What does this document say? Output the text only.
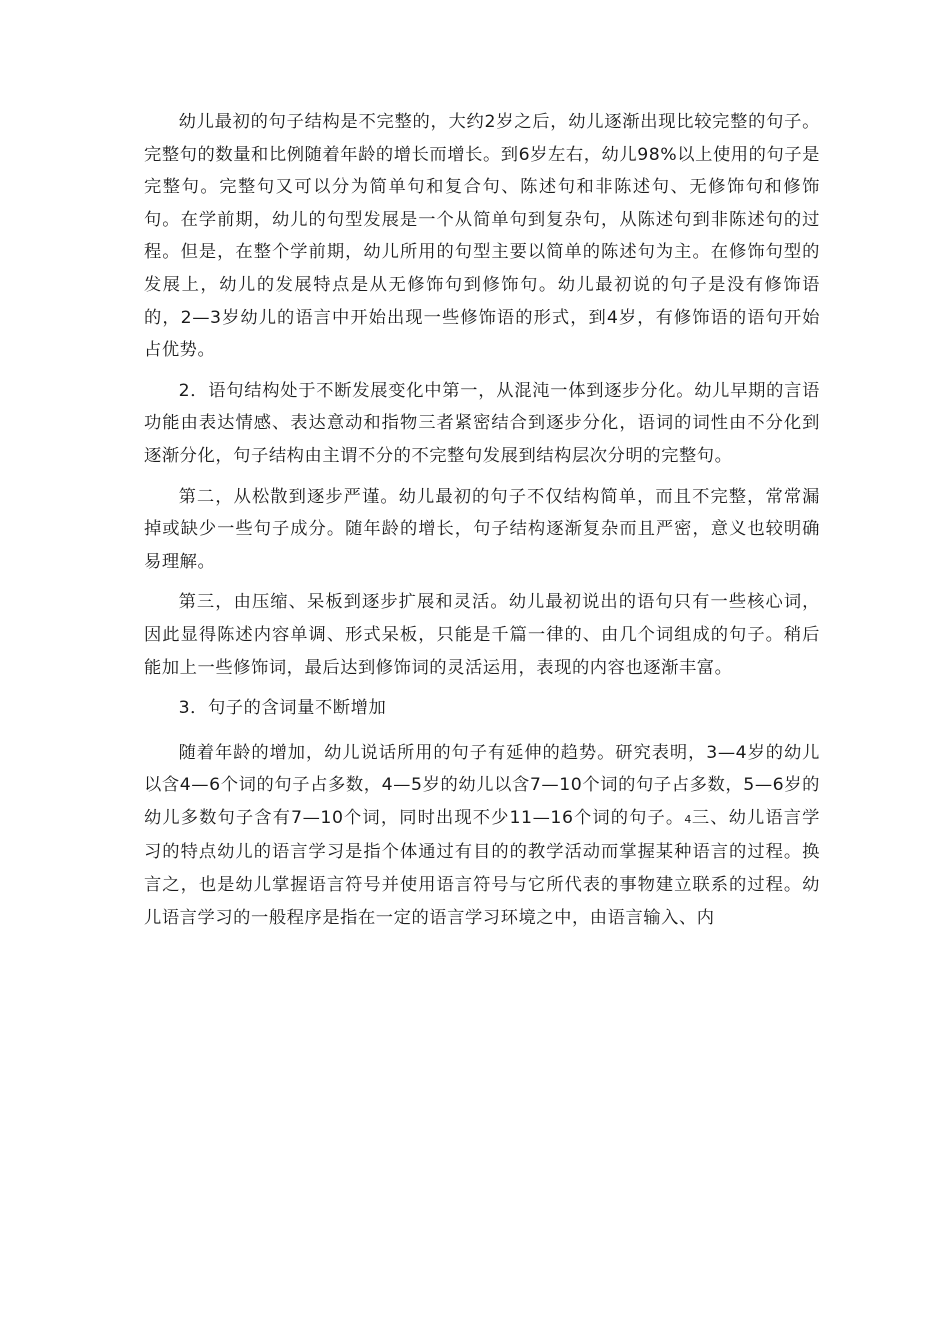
幼儿最初的句子结构是不完整的，大约2岁之后，幼儿逐渐出现比较完整的句子。完整句的数量和比例随着年龄的增长而增长。到6岁左右，幼儿98%以上使用的句子是完整句。完整句又可以分为简单句和复合句、陈述句和非陈述句、无修饰句和修饰句。在学前期，幼儿的句型发展是一个从简单句到复杂句，从陈述句到非陈述句的过程。但是，在整个学前期，幼儿所用的句型主要以简单的陈述句为主。在修饰句型的发展上，幼儿的发展特点是从无修饰句到修饰句。幼儿最初说的句子是没有修饰语的，2—3岁幼儿的语言中开始出现一些修饰语的形式，到4岁，有修饰语的语句开始占优势。

2．语句结构处于不断发展变化中第一，从混沌一体到逐步分化。幼儿早期的言语功能由表达情感、表达意动和指物三者紧密结合到逐步分化，语词的词性由不分化到逐渐分化，句子结构由主谓不分的不完整句发展到结构层次分明的完整句。

第二，从松散到逐步严谨。幼儿最初的句子不仅结构简单，而且不完整，常常漏掉或缺少一些句子成分。随年龄的增长，句子结构逐渐复杂而且严密，意义也较明确易理解。

第三，由压缩、呆板到逐步扩展和灵活。幼儿最初说出的语句只有一些核心词，因此显得陈述内容单调、形式呆板，只能是千篇一律的、由几个词组成的句子。稍后能加上一些修饰词，最后达到修饰词的灵活运用，表现的内容也逐渐丰富。

3．句子的含词量不断增加

随着年龄的增加，幼儿说话所用的句子有延伸的趋势。研究表明，3—4岁的幼儿以含4—6个词的句子占多数，4—5岁的幼儿以含7—10个词的句子占多数，5—6岁的幼儿多数句子含有7—10个词，同时出现不少11—16个词的句子。4三、幼儿语言学习的特点幼儿的语言学习是指个体通过有目的的教学活动而掌握某种语言的过程。换言之，也是幼儿掌握语言符号并使用语言符号与它所代表的事物建立联系的过程。幼儿语言学习的一般程序是指在一定的语言学习环境之中，由语言输入、内
